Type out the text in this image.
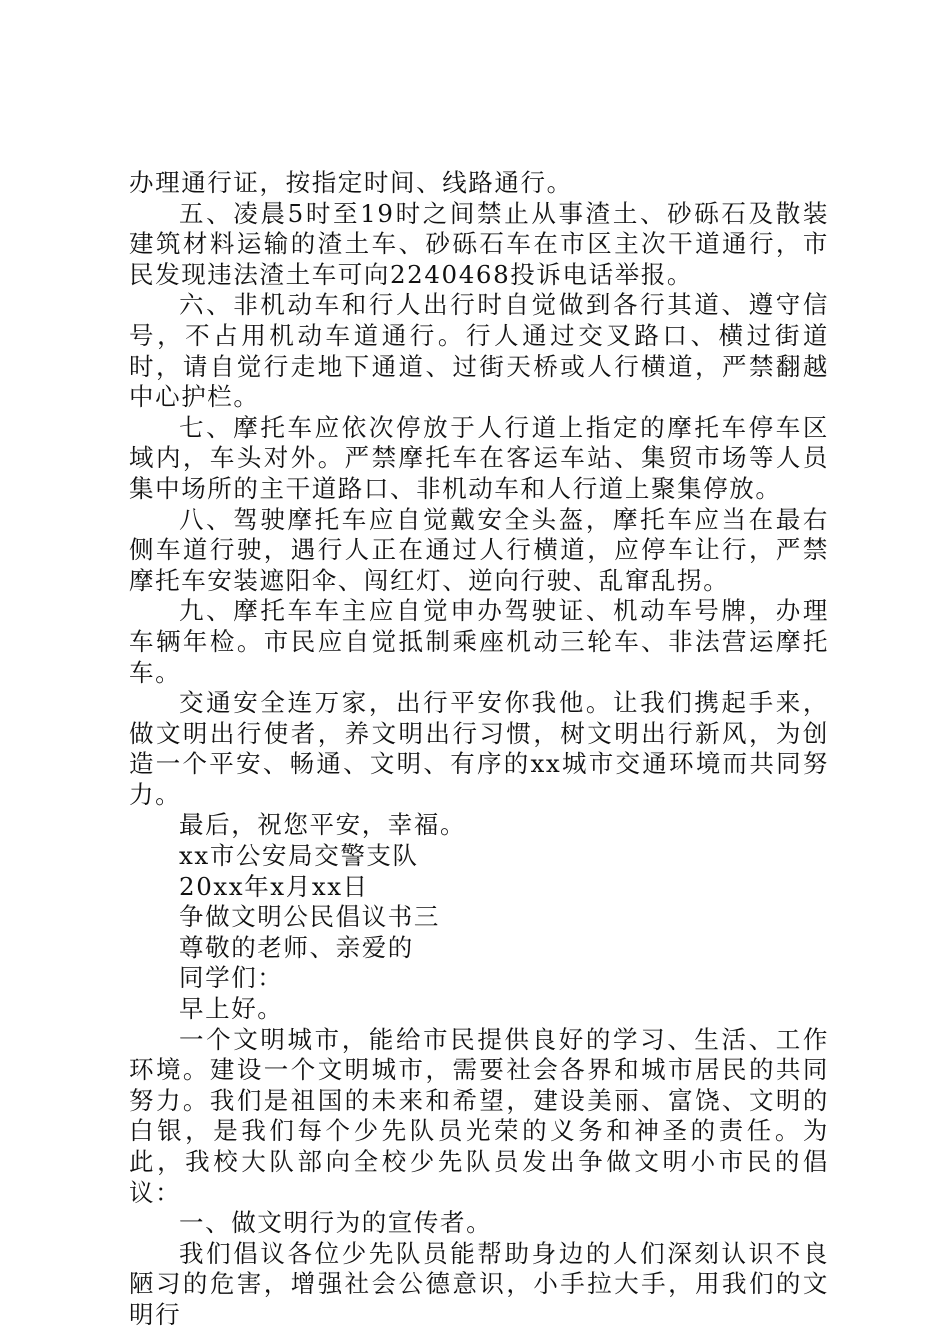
办理通行证，按指定时间、线路通行。

五、凌晨5时至19时之间禁止从事渣土、砂砾石及散装建筑材料运输的渣土车、砂砾石车在市区主次干道通行，市民发现违法渣土车可向2240468投诉电话举报。

六、非机动车和行人出行时自觉做到各行其道、遵守信号，不占用机动车道通行。行人通过交叉路口、横过街道时，请自觉行走地下通道、过街天桥或人行横道，严禁翻越中心护栏。

七、摩托车应依次停放于人行道上指定的摩托车停车区域内，车头对外。严禁摩托车在客运车站、集贸市场等人员集中场所的主干道路口、非机动车和人行道上聚集停放。

八、驾驶摩托车应自觉戴安全头盔，摩托车应当在最右侧车道行驶，遇行人正在通过人行横道，应停车让行，严禁摩托车安装遮阳伞、闯红灯、逆向行驶、乱窜乱拐。

九、摩托车车主应自觉申办驾驶证、机动车号牌，办理车辆年检。市民应自觉抵制乘座机动三轮车、非法营运摩托车。

交通安全连万家，出行平安你我他。让我们携起手来，做文明出行使者，养文明出行习惯，树文明出行新风，为创造一个平安、畅通、文明、有序的xx城市交通环境而共同努力。

最后，祝您平安，幸福。

xx市公安局交警支队

20xx年x月xx日

争做文明公民倡议书三

尊敬的老师、亲爱的

同学们：

早上好。

一个文明城市，能给市民提供良好的学习、生活、工作环境。建设一个文明城市，需要社会各界和城市居民的共同努力。我们是祖国的未来和希望，建设美丽、富饶、文明的白银，是我们每个少先队员光荣的义务和神圣的责任。为此，我校大队部向全校少先队员发出争做文明小市民的倡议：

一、做文明行为的宣传者。

我们倡议各位少先队员能帮助身边的人们深刻认识不良陋习的危害，增强社会公德意识，小手拉大手，用我们的文明行
